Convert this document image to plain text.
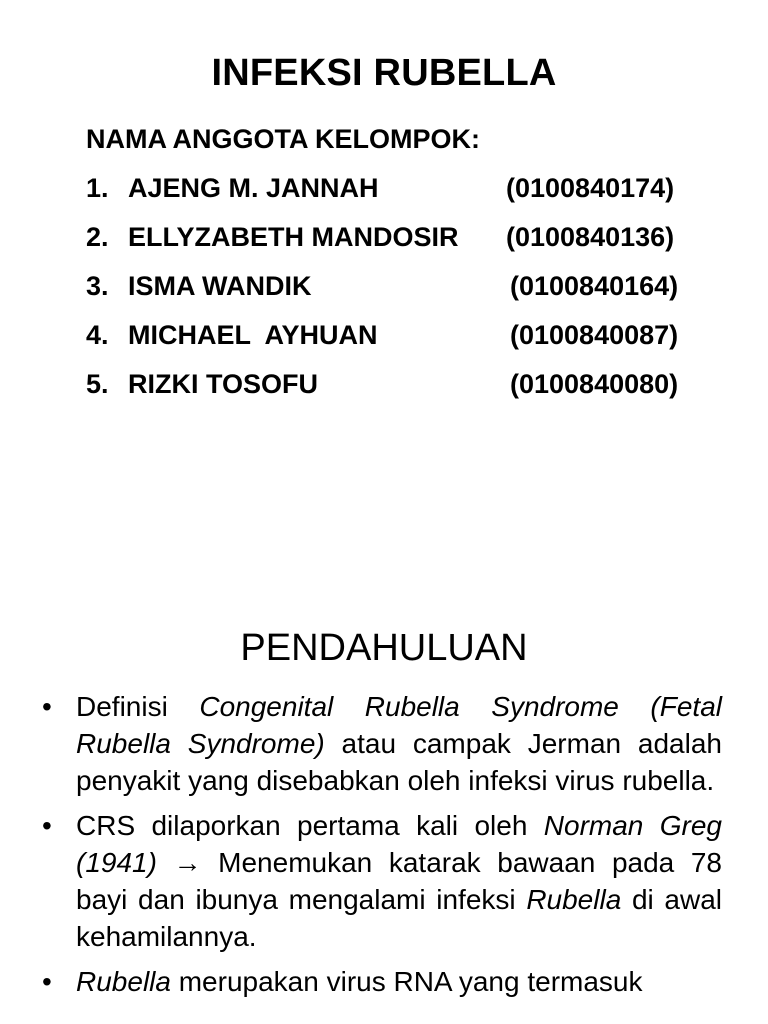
INFEKSI RUBELLA
NAMA ANGGOTA KELOMPOK:
1. AJENG M. JANNAH	(0100840174)
2. ELLYZABETH MANDOSIR (0100840136)
3. ISMA WANDIK	(0100840164)
4. MICHAEL  AYHUAN	(0100840087)
5. RIZKI TOSOFU	(0100840080)
PENDAHULUAN
• Definisi Congenital Rubella Syndrome (Fetal Rubella Syndrome) atau campak Jerman adalah penyakit yang disebabkan oleh infeksi virus rubella.
• CRS dilaporkan pertama kali oleh Norman Greg (1941) → Menemukan katarak bawaan pada 78 bayi dan ibunya mengalami infeksi Rubella di awal kehamilannya.
• Rubella merupakan virus RNA yang termasuk
